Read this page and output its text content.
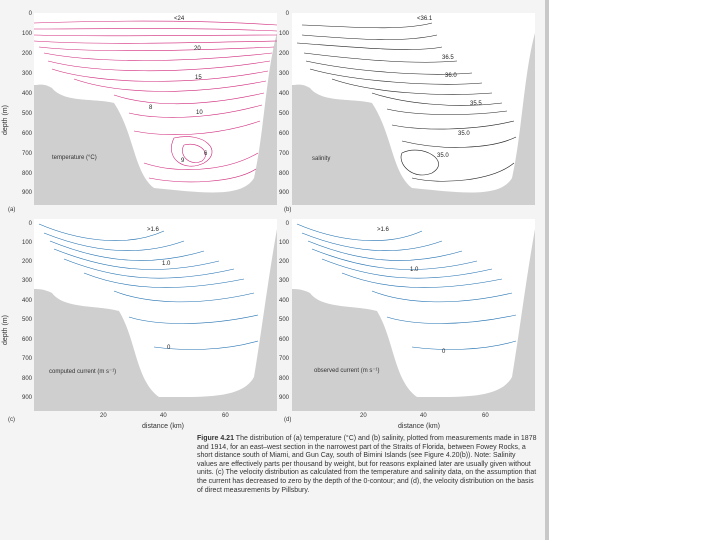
<24
20
15
10
8
6
9
temperature (°C)
<36.1
36.5
36.0
35.5
35.0
35.0
salinity
>1.6
1.0
0
computed current (m s⁻¹)
>1.6
1.0
0
observed current (m s⁻¹)
0
100
200
300
400
500
600
700
800
900
0
100
200
300
400
500
600
700
800
900
0
100
200
300
400
500
600
700
800
900
0
100
200
300
400
500
600
700
800
900
depth (m)
depth (m)
(a)	(b)
(c)	(d)
20	40	60	20	40	60
distance (km)	distance (km)
Figure 4.21 The distribution of (a) temperature (°C) and (b) salinity, plotted from measurements made in 1878 and 1914, for an east–west section in the narrowest part of the Straits of Florida, between Fowey Rocks, a short distance south of Miami, and Gun Cay, south of Bimini Islands (see Figure 4.20(b)). Note: Salinity values are effectively parts per thousand by weight, but for reasons explained later are usually given without units. (c) The velocity distribution as calculated from the temperature and salinity data, on the assumption that the current has decreased to zero by the depth of the 0-contour; and (d), the velocity distribution on the basis of direct measurements by Pillsbury.
